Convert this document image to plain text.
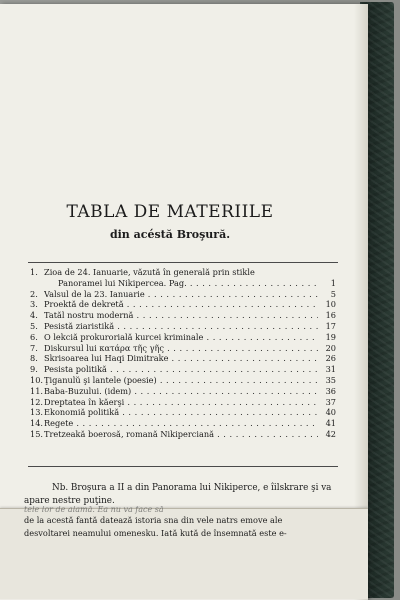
TABLA DE MATERIILE
din acéstă Broşură.
1. Zioa de 24. Ianuarie, văzută în generală prin stikle
Panoramei lui Nikipercea. Pag. . . .	1
2. Valsul de la 23. Ianuarie . . .	5
3. Proektă de dekretă . . .	10
4. Tatăl nostru modernă . . .	16
5. Pesistă ziaristikă . . .	17
6. O lekciă prokurorială kurcei kriminale . . .	19
7. Diskursul lui κατάρα τῆς γῆς . . .	20
8. Skrisoarea lui Haqi Dimitrake . . .	26
9. Pesista politikă . . .	31
10. Ţiganulŭ şi lantele (poesie) . . .	35
11. Baba-Buzului. (idem) . . .	36
12. Dreptatea în kăerşi . . .	37
13. Ekonomiă politikă . . .	40
14. Regete . . .	41
15. Tretzeakă boerosă, romană Nikiperciană . . .	42
Nb. Broşura a II a din Panorama lui Nikiperce, e îilskrare şi va apare nestre puţine.
tele lor de alamă. Ea nu va face să

de la acestă fantă datează istoria sna din vele natrs emove ale

desvoltarei neamului omenesku. Iată kută de însemnată este e-
